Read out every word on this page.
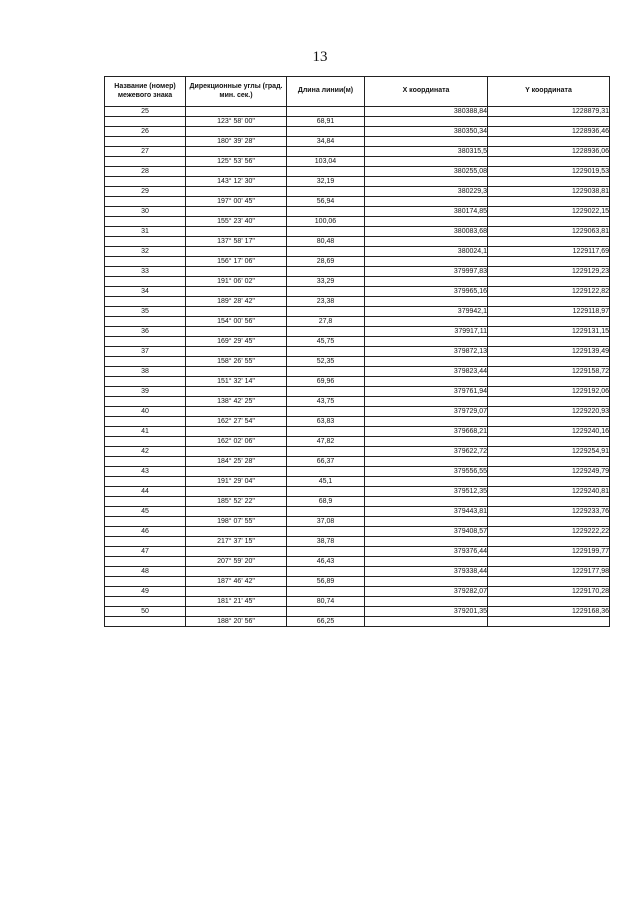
13
Название (номер) межевого знака	Дирекционные углы (град. мин. сек.)	Длина линии(м)	Х координата	Y координата
25			380388,84	1228879,31
	123° 58' 00"	68,91		
26			380350,34	1228936,46
	180° 39' 28"	34,84		
27			380315,5	1228936,06
	125° 53' 56"	103,04		
28			380255,08	1229019,53
	143° 12' 30"	32,19		
29			380229,3	1229038,81
	197° 00' 45"	56,94		
30			380174,85	1229022,15
	155° 23' 40"	100,06		
31			380083,68	1229063,81
	137° 58' 17"	80,48		
32			380024,1	1229117,69
	156° 17' 06"	28,69		
33			379997,83	1229129,23
	191° 06' 02"	33,29		
34			379965,16	1229122,82
	189° 28' 42"	23,38		
35			379942,1	1229118,97
	154° 00' 56"	27,8		
36			379917,11	1229131,15
	169° 29' 45"	45,75		
37			379872,13	1229139,49
	158° 26' 55"	52,35		
38			379823,44	1229158,72
	151° 32' 14"	69,96		
39			379761,94	1229192,06
	138° 42' 25"	43,75		
40			379729,07	1229220,93
	162° 27' 54"	63,83		
41			379668,21	1229240,16
	162° 02' 06"	47,82		
42			379622,72	1229254,91
	184° 25' 28"	66,37		
43			379556,55	1229249,79
	191° 29' 04"	45,1		
44			379512,35	1229240,81
	185° 52' 22"	68,9		
45			379443,81	1229233,76
	198° 07' 55"	37,08		
46			379408,57	1229222,22
	217° 37' 15"	38,78		
47			379376,44	1229199,77
	207° 59' 20"	46,43		
48			379338,44	1229177,98
	187° 46' 42"	56,89		
49			379282,07	1229170,28
	181° 21' 45"	80,74		
50			379201,35	1229168,36
	188° 20' 56"	66,25		
